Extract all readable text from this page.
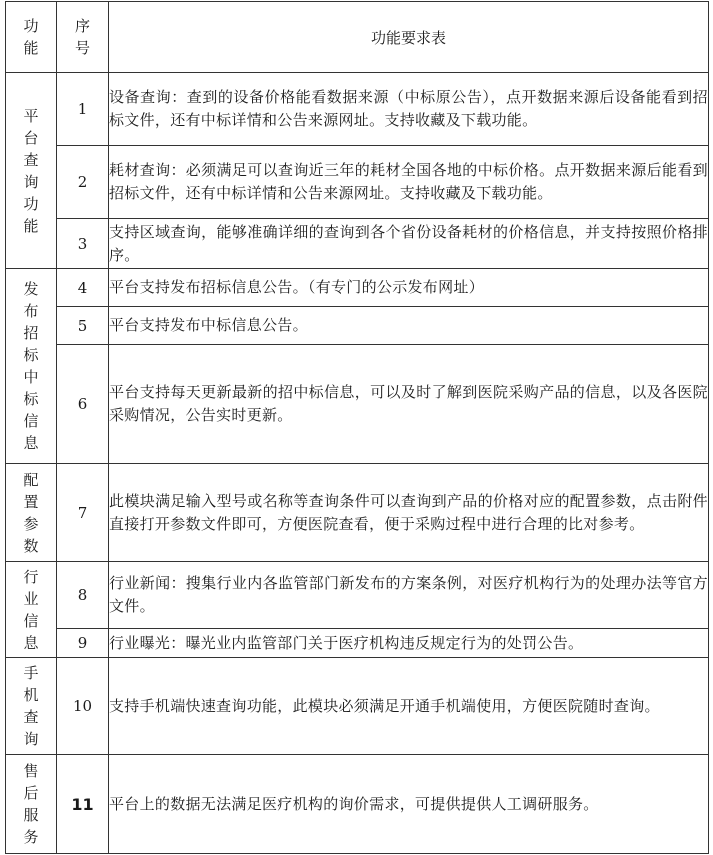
功能	序号	功能要求表
平台查询功能	1	设备查询：查到的设备价格能看数据来源（中标原公告），点开数据来源后设备能看到招标文件，还有中标详情和公告来源网址。支持收藏及下载功能。
	2	耗材查询：必须满足可以查询近三年的耗材全国各地的中标价格。点开数据来源后能看到招标文件，还有中标详情和公告来源网址。支持收藏及下载功能。
	3	支持区域查询，能够准确详细的查询到各个省份设备耗材的价格信息，并支持按照价格排序。
发布招标中标信息	4	平台支持发布招标信息公告。（有专门的公示发布网址）
	5	平台支持发布中标信息公告。
	6	平台支持每天更新最新的招中标信息，可以及时了解到医院采购产品的信息，以及各医院采购情况，公告实时更新。
配置参数	7	此模块满足输入型号或名称等查询条件可以查询到产品的价格对应的配置参数，点击附件直接打开参数文件即可，方便医院查看，便于采购过程中进行合理的比对参考。
行业信息	8	行业新闻：搜集行业内各监管部门新发布的方案条例，对医疗机构行为的处理办法等官方文件。
	9	行业曝光：曝光业内监管部门关于医疗机构违反规定行为的处罚公告。
手机查询	10	支持手机端快速查询功能，此模块必须满足开通手机端使用，方便医院随时查询。
售后服务	11	平台上的数据无法满足医疗机构的询价需求，可提供提供人工调研服务。
